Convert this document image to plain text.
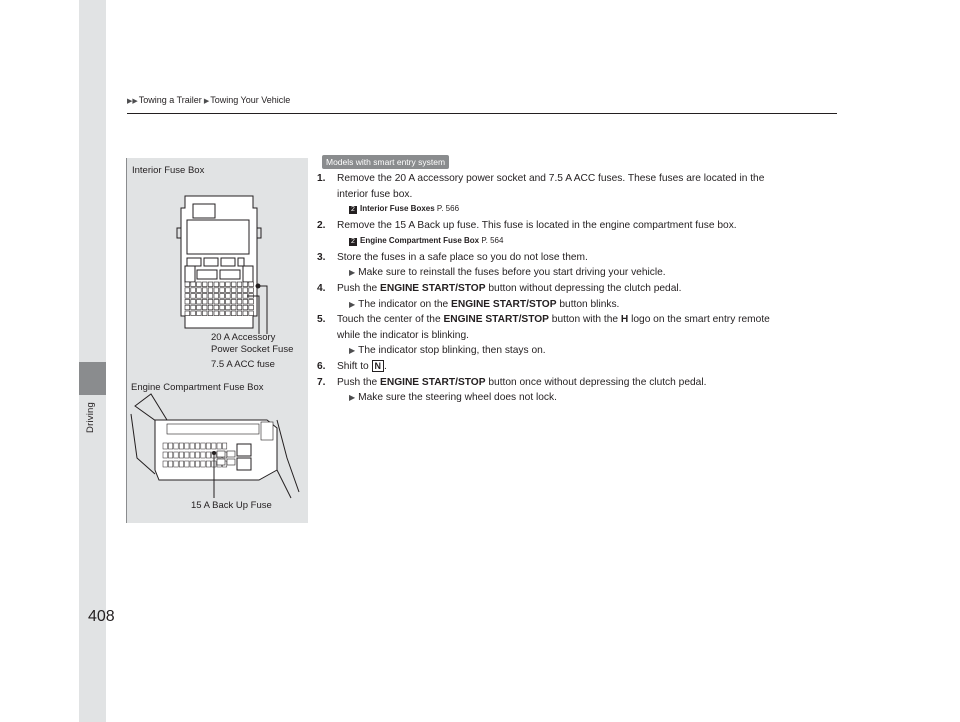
Driving
408
▶▶Towing a Trailer ▶Towing Your Vehicle
Interior Fuse Box
20 A Accessory
Power Socket Fuse
7.5 A ACC fuse
Engine Compartment Fuse Box
15 A Back Up Fuse
Models with smart entry system
1. Remove the 20 A accessory power socket and 7.5 A ACC fuses. These fuses are located in the
interior fuse box.
2 Interior Fuse Boxes P. 566
2. Remove the 15 A Back up fuse. This fuse is located in the engine compartment fuse box.
2 Engine Compartment Fuse Box P. 564
3. Store the fuses in a safe place so you do not lose them.
▶ Make sure to reinstall the fuses before you start driving your vehicle.
4. Push the ENGINE START/STOP button without depressing the clutch pedal.
▶ The indicator on the ENGINE START/STOP button blinks.
5. Touch the center of the ENGINE START/STOP button with the H logo on the smart entry remote
while the indicator is blinking.
▶ The indicator stop blinking, then stays on.
6. Shift to N .
7. Push the ENGINE START/STOP button once without depressing the clutch pedal.
▶ Make sure the steering wheel does not lock.
